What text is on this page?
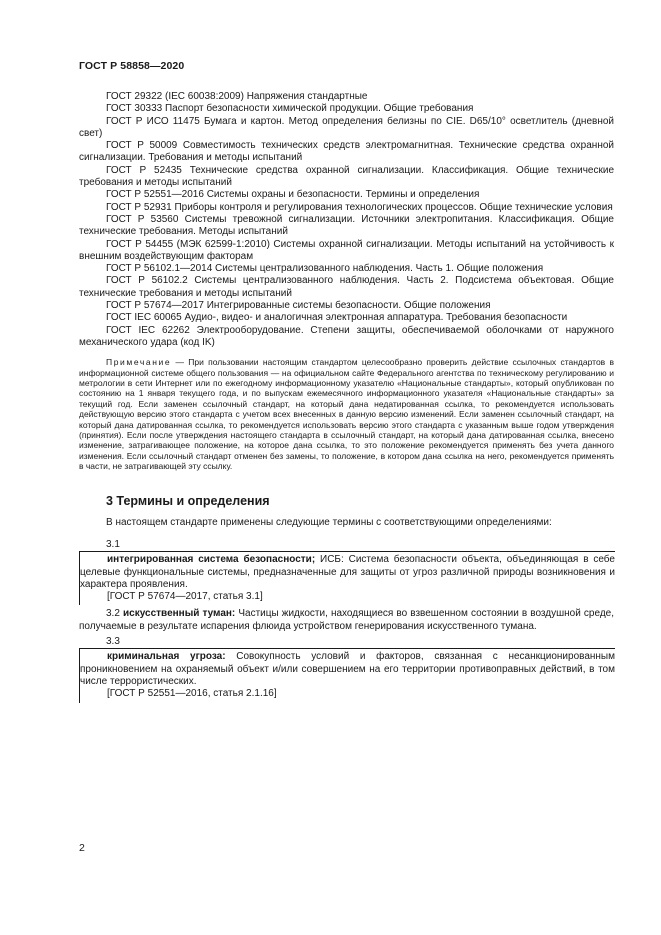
ГОСТ Р 58858—2020

ГОСТ 29322 (IEC 60038:2009) Напряжения стандартные

ГОСТ 30333 Паспорт безопасности химической продукции. Общие требования

ГОСТ Р ИСО 11475 Бумага и картон. Метод определения белизны по CIE. D65/10° осветлитель (дневной свет)

ГОСТ Р 50009 Совместимость технических средств электромагнитная. Технические средства охранной сигнализации. Требования и методы испытаний

ГОСТ Р 52435 Технические средства охранной сигнализации. Классификация. Общие технические требования и методы испытаний

ГОСТ Р 52551—2016 Системы охраны и безопасности. Термины и определения

ГОСТ Р 52931 Приборы контроля и регулирования технологических процессов. Общие технические условия

ГОСТ Р 53560 Системы тревожной сигнализации. Источники электропитания. Классификация. Общие технические требования. Методы испытаний

ГОСТ Р 54455 (МЭК 62599-1:2010) Системы охранной сигнализации. Методы испытаний на устойчивость к внешним воздействующим факторам

ГОСТ Р 56102.1—2014 Системы централизованного наблюдения. Часть 1. Общие положения

ГОСТ Р 56102.2 Системы централизованного наблюдения. Часть 2. Подсистема объектовая. Общие технические требования и методы испытаний

ГОСТ Р 57674—2017 Интегрированные системы безопасности. Общие положения

ГОСТ IEC 60065 Аудио-, видео- и аналогичная электронная аппаратура. Требования безопасности

ГОСТ IEC 62262 Электрооборудование. Степени защиты, обеспечиваемой оболочками от наружного механического удара (код IK)

Примечание — При пользовании настоящим стандартом целесообразно проверить действие ссылочных стандартов в информационной системе общего пользования — на официальном сайте Федерального агентства по техническому регулированию и метрологии в сети Интернет или по ежегодному информационному указателю «Национальные стандарты», который опубликован по состоянию на 1 января текущего года, и по выпускам ежемесячного информационного указателя «Национальные стандарты» за текущий год. Если заменен ссылочный стандарт, на который дана недатированная ссылка, то рекомендуется использовать действующую версию этого стандарта с учетом всех внесенных в данную версию изменений. Если заменен ссылочный стандарт, на который дана датированная ссылка, то рекомендуется использовать версию этого стандарта с указанным выше годом утверждения (принятия). Если после утверждения настоящего стандарта в ссылочный стандарт, на который дана датированная ссылка, внесено изменение, затрагивающее положение, на которое дана ссылка, то это положение рекомендуется применять без учета данного изменения. Если ссылочный стандарт отменен без замены, то положение, в котором дана ссылка на него, рекомендуется применять в части, не затрагивающей эту ссылку.

3 Термины и определения

В настоящем стандарте применены следующие термины с соответствующими определениями:

3.1

интегрированная система безопасности; ИСБ: Система безопасности объекта, объединяющая в себе целевые функциональные системы, предназначенные для защиты от угроз различной природы возникновения и характера проявления.

[ГОСТ Р 57674—2017, статья 3.1]

3.2 искусственный туман: Частицы жидкости, находящиеся во взвешенном состоянии в воздушной среде, получаемые в результате испарения флюида устройством генерирования искусственного тумана.

3.3

криминальная угроза: Совокупность условий и факторов, связанная с несанкционированным проникновением на охраняемый объект и/или совершением на его территории противоправных действий, в том числе террористических.

[ГОСТ Р 52551—2016, статья 2.1.16]

2
